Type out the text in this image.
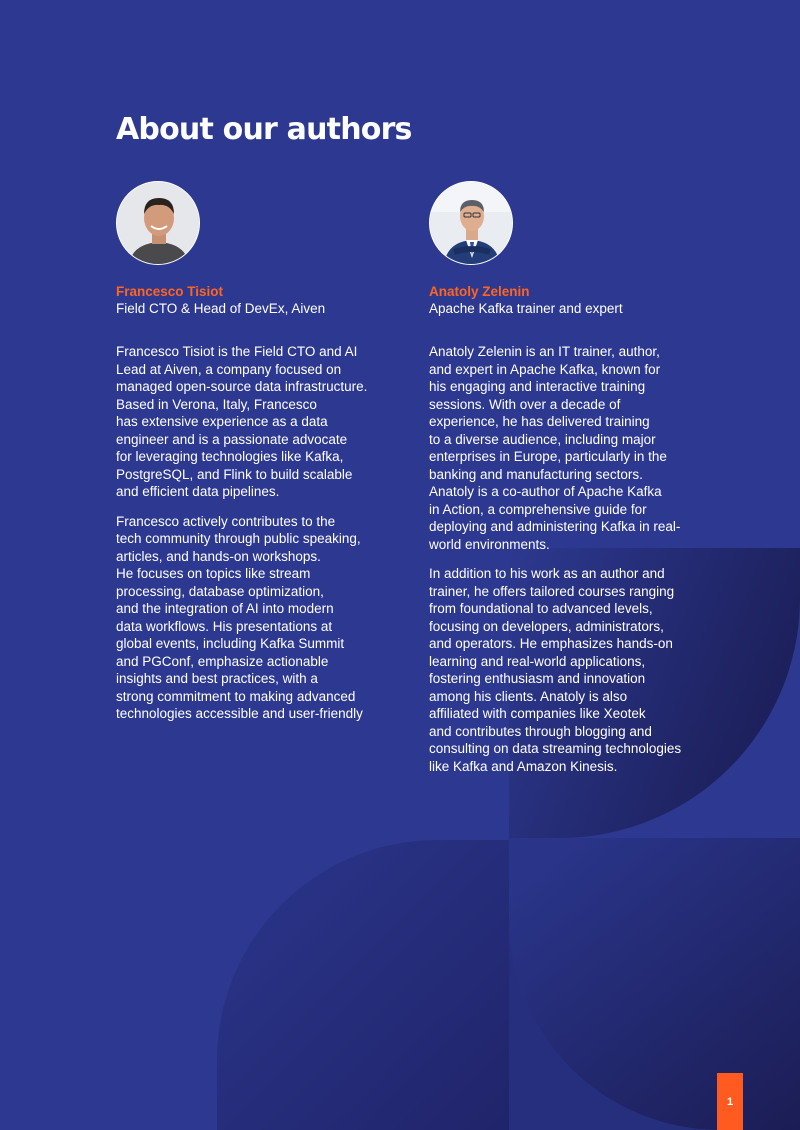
About our authors
Francesco Tisiot
Field CTO & Head of DevEx, Aiven

Francesco Tisiot is the Field CTO and AI
Lead at Aiven, a company focused on
managed open-source data infrastructure.
Based in Verona, Italy, Francesco
has extensive experience as a data
engineer and is a passionate advocate
for leveraging technologies like Kafka,
PostgreSQL, and Flink to build scalable
and efficient data pipelines.

Francesco actively contributes to the
tech community through public speaking,
articles, and hands-on workshops.
He focuses on topics like stream
processing, database optimization,
and the integration of AI into modern
data workflows. His presentations at
global events, including Kafka Summit
and PGConf, emphasize actionable
insights and best practices, with a
strong commitment to making advanced
technologies accessible and user-friendly

Anatoly Zelenin
Apache Kafka trainer and expert

Anatoly Zelenin is an IT trainer, author,
and expert in Apache Kafka, known for
his engaging and interactive training
sessions. With over a decade of
experience, he has delivered training
to a diverse audience, including major
enterprises in Europe, particularly in the
banking and manufacturing sectors.
Anatoly is a co-author of Apache Kafka
in Action, a comprehensive guide for
deploying and administering Kafka in real-
world environments.

In addition to his work as an author and
trainer, he offers tailored courses ranging
from foundational to advanced levels,
focusing on developers, administrators,
and operators. He emphasizes hands-on
learning and real-world applications,
fostering enthusiasm and innovation
among his clients. Anatoly is also
affiliated with companies like Xeotek
and contributes through blogging and
consulting on data streaming technologies
like Kafka and Amazon Kinesis.

1
